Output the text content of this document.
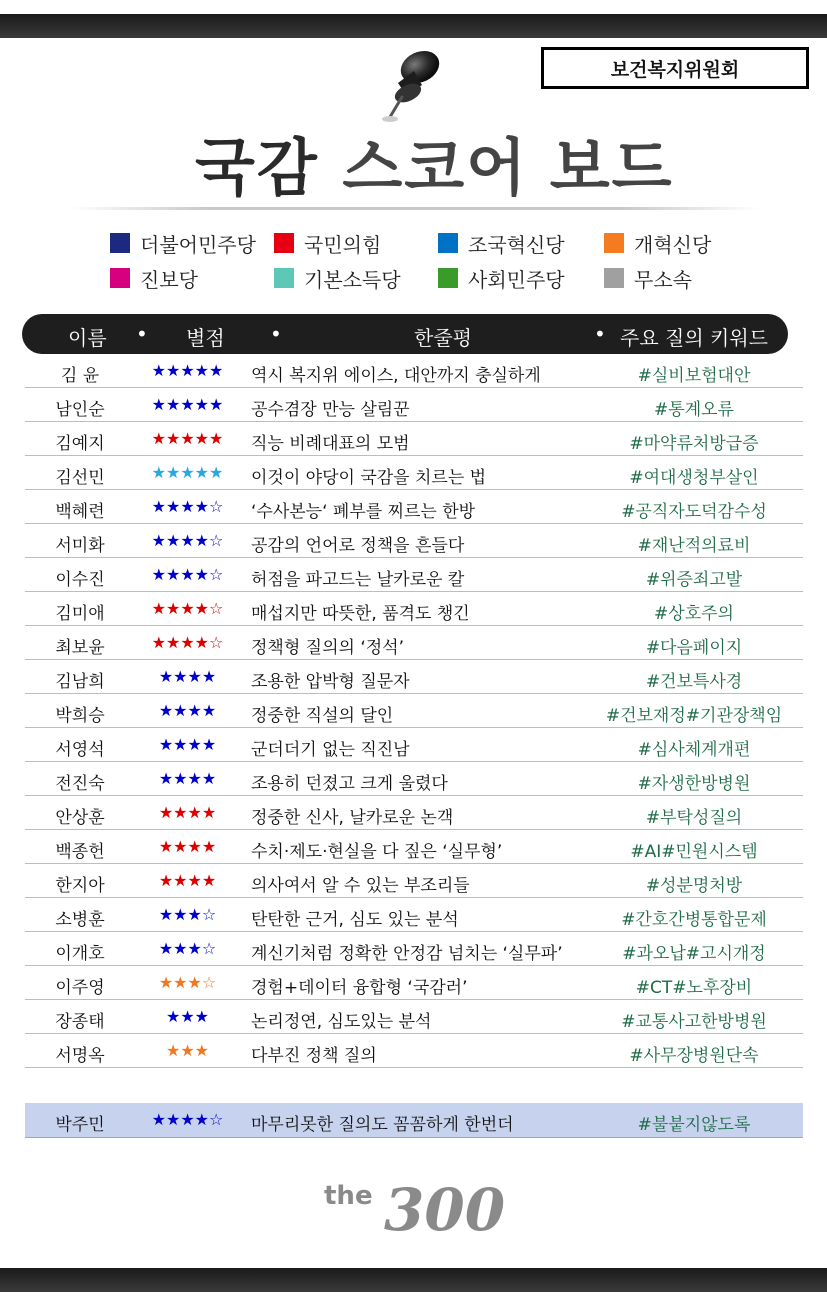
보건복지위원회
국감 스코어 보드
더불어민주당 국민의힘	조국혁신당	개혁신당
진보당	기본소득당	사회민주당	무소속
이름 • 별점 •	한줄평	• 주요 질의 키워드
김 윤	★★★★★	역시 복지위 에이스, 대안까지 충실하게	#실비보험대안
남인순	★★★★★	공수겸장 만능 살림꾼	#통계오류
김예지	★★★★★	직능 비례대표의 모범	#마약류처방급증
김선민	★★★★★	이것이 야당이 국감을 치르는 법	#여대생청부살인
백혜련	★★★★☆	‘수사본능‘ 폐부를 찌르는 한방	#공직자도덕감수성
서미화	★★★★☆	공감의 언어로 정책을 흔들다	#재난적의료비
이수진	★★★★☆	허점을 파고드는 날카로운 칼	#위증죄고발
김미애	★★★★☆	매섭지만 따뜻한, 품격도 챙긴	#상호주의
최보윤	★★★★☆	정책형 질의의 ‘정석’	#다음페이지
김남희	★★★★	조용한 압박형 질문자	#건보특사경
박희승	★★★★	정중한 직설의 달인	#건보재정#기관장책임
서영석	★★★★	군더더기 없는 직진남	#심사체계개편
전진숙	★★★★	조용히 던졌고 크게 울렸다	#자생한방병원
안상훈	★★★★	정중한 신사, 날카로운 논객	#부탁성질의
백종헌	★★★★	수치·제도·현실을 다 짚은 ‘실무형’	#AI#민원시스템
한지아	★★★★	의사여서 알 수 있는 부조리들	#성분명처방
소병훈	★★★☆	탄탄한 근거, 심도 있는 분석	#간호간병통합문제
이개호	★★★☆	계신기처럼 정확한 안정감 넘치는 ‘실무파’	#과오납#고시개정
이주영	★★★☆	경험+데이터 융합형 ‘국감러’	#CT#노후장비
장종태	★★★	논리정연, 심도있는 분석	#교통사고한방병원
서명옥	★★★	다부진 정책 질의	#사무장병원단속
박주민	★★★★☆	마무리못한 질의도 꼼꼼하게 한번더	#불붙지않도록
the 300
